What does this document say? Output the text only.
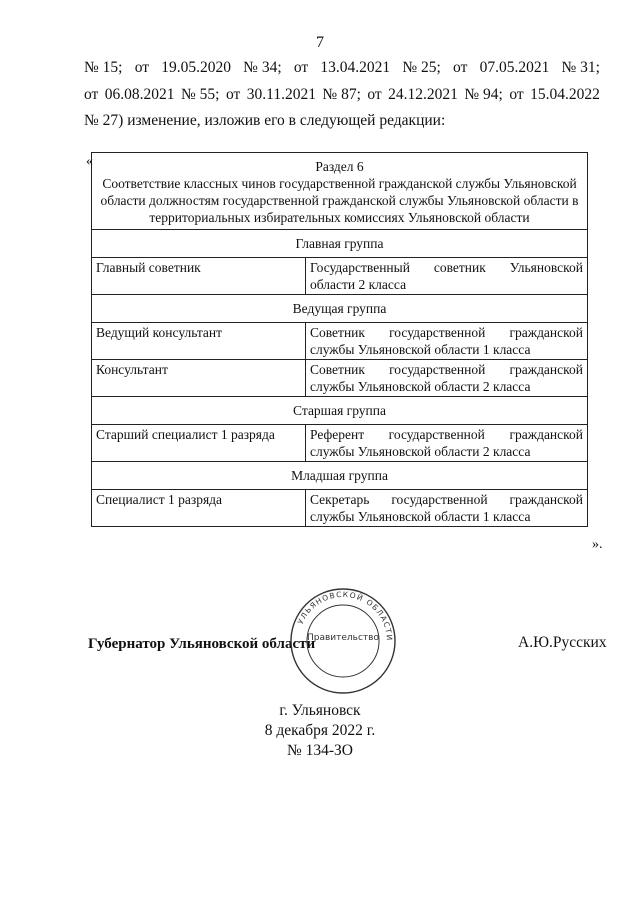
7
№ 15; от 19.05.2020 № 34; от 13.04.2021 № 25; от 07.05.2021 № 31;
от 06.08.2021 № 55; от 30.11.2021 № 87; от 24.12.2021 № 94; от 15.04.2022
№ 27) изменение, изложив его в следующей редакции:
«	Раздел 6
Соответствие классных чинов государственной гражданской службы Ульяновской области должностям государственной гражданской службы Ульяновской области в территориальных избирательных комиссиях Ульяновской области	

Главная группа	
Главный советник	Государственный советник Ульяновской области 2 класса
Ведущая группа	
Ведущий консультант	Советник государственной гражданской службы Ульяновской области 1 класса
Консультант	Советник государственной гражданской службы Ульяновской области 2 класса
Старшая группа	
Старший специалист 1 разряда	Референт государственной гражданской службы Ульяновской области 2 класса
Младшая группа	
Специалист 1 разряда	Секретарь государственной гражданской службы Ульяновской области 1 класса
».
Губернатор Ульяновской области
УЛЬЯНОВСКОЙ ОБЛАСТИ
Правительство	А.Ю.Русских
г. Ульяновск
8 декабря 2022 г.
№ 134-ЗО
